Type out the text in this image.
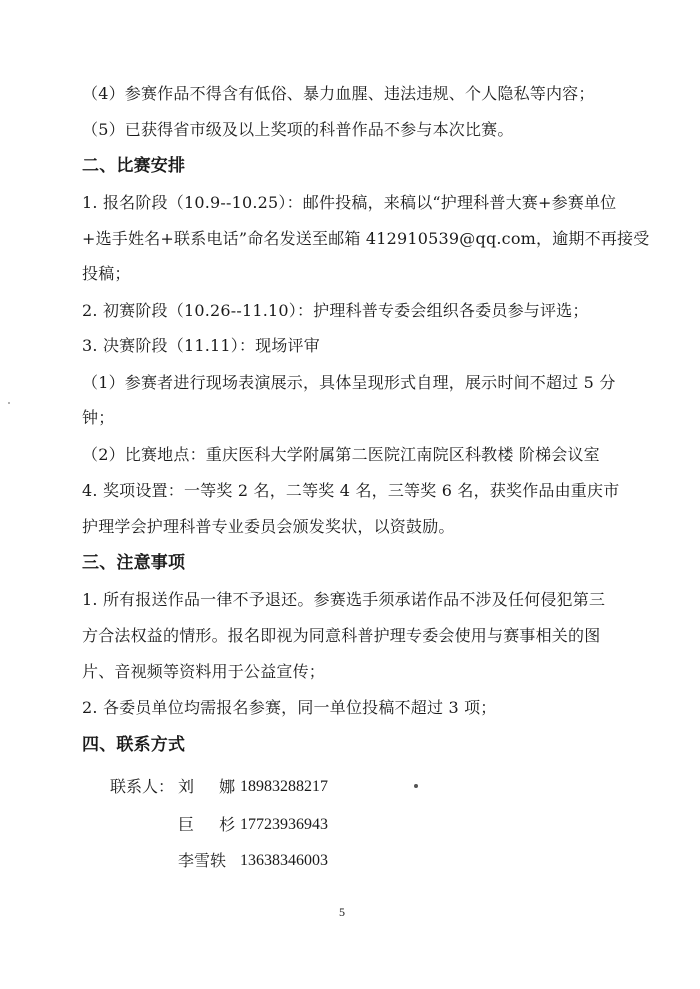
（4）参赛作品不得含有低俗、暴力血腥、违法违规、个人隐私等内容；
（5）已获得省市级及以上奖项的科普作品不参与本次比赛。
二、比赛安排
1. 报名阶段（10.9--10.25）：邮件投稿，来稿以“护理科普大赛+参赛单位
+选手姓名+联系电话”命名发送至邮箱 412910539@qq.com，逾期不再接受
投稿；
2. 初赛阶段（10.26--11.10）：护理科普专委会组织各委员参与评选；
3. 决赛阶段（11.11）：现场评审
（1）参赛者进行现场表演展示，具体呈现形式自理，展示时间不超过 5 分
钟；
（2）比赛地点：重庆医科大学附属第二医院江南院区科教楼 阶梯会议室
4. 奖项设置：一等奖 2 名，二等奖 4 名，三等奖 6 名，获奖作品由重庆市
护理学会护理科普专业委员会颁发奖状，以资鼓励。
三、注意事项
1. 所有报送作品一律不予退还。参赛选手须承诺作品不涉及任何侵犯第三
方合法权益的情形。报名即视为同意科普护理专委会使用与赛事相关的图
片、音视频等资料用于公益宣传；
2. 各委员单位均需报名参赛，同一单位投稿不超过 3 项；
四、联系方式
联系人： 刘 娜
18983288217
巨 杉
17723936943
李雪轶 13638346003
5
